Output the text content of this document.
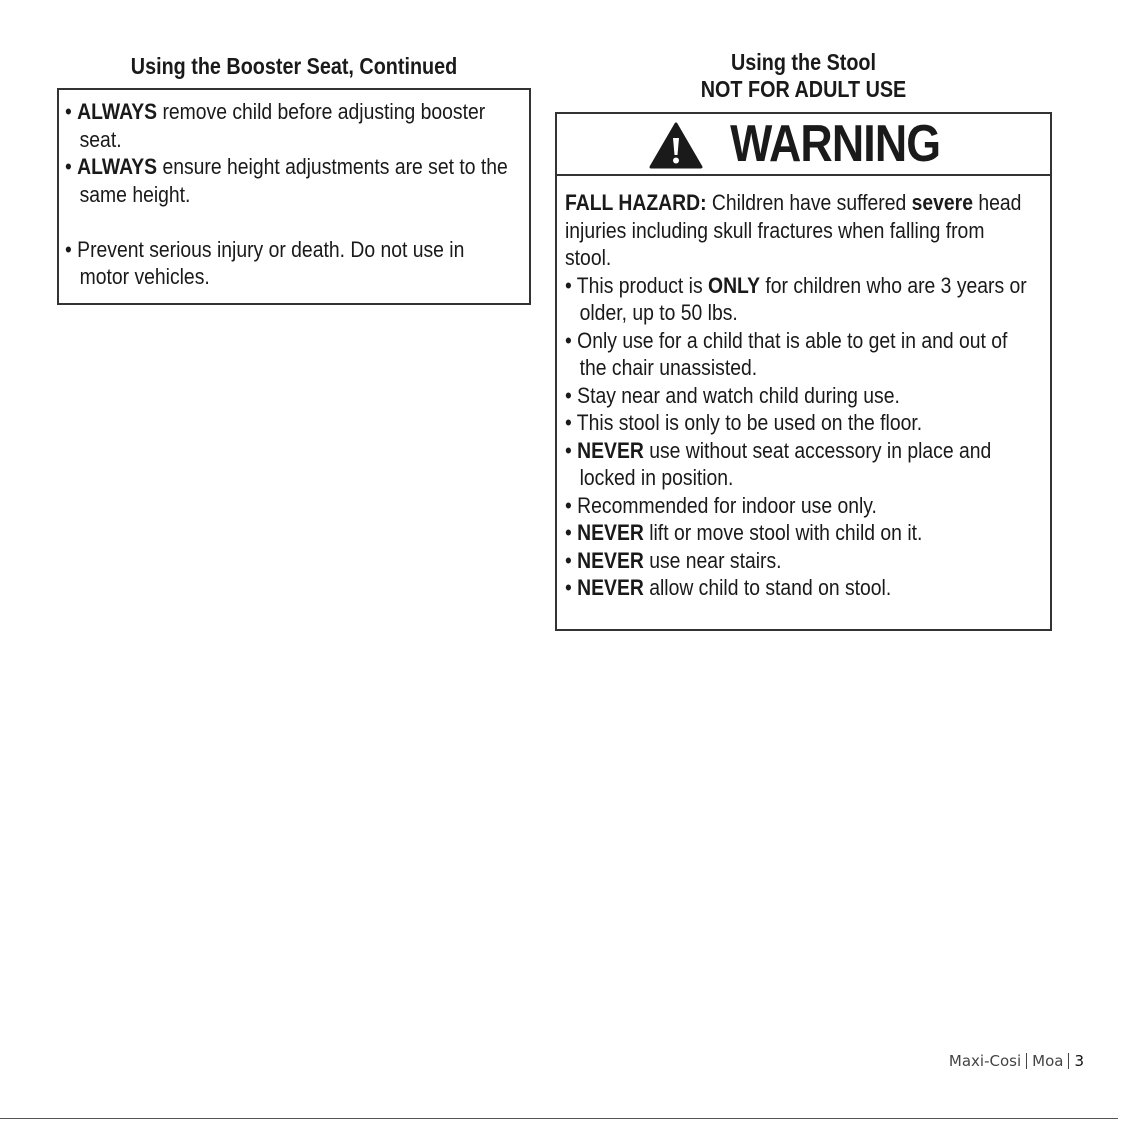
Using the Booster Seat, Continued
• ALWAYS remove child before adjusting booster
seat.
• ALWAYS ensure height adjustments are set to the
same height.
• Prevent serious injury or death. Do not use in
motor vehicles.
Using the Stool
NOT FOR ADULT USE
WARNING
FALL HAZARD: Children have suffered severe head
injuries including skull fractures when falling from
stool.
• This product is ONLY for children who are 3 years or
older, up to 50 lbs.
• Only use for a child that is able to get in and out of
the chair unassisted.
• Stay near and watch child during use.
• This stool is only to be used on the floor.
• NEVER use without seat accessory in place and
locked in position.
• Recommended for indoor use only.
• NEVER lift or move stool with child on it.
• NEVER use near stairs.
• NEVER allow child to stand on stool.
Maxi-Cosi Moa 3
